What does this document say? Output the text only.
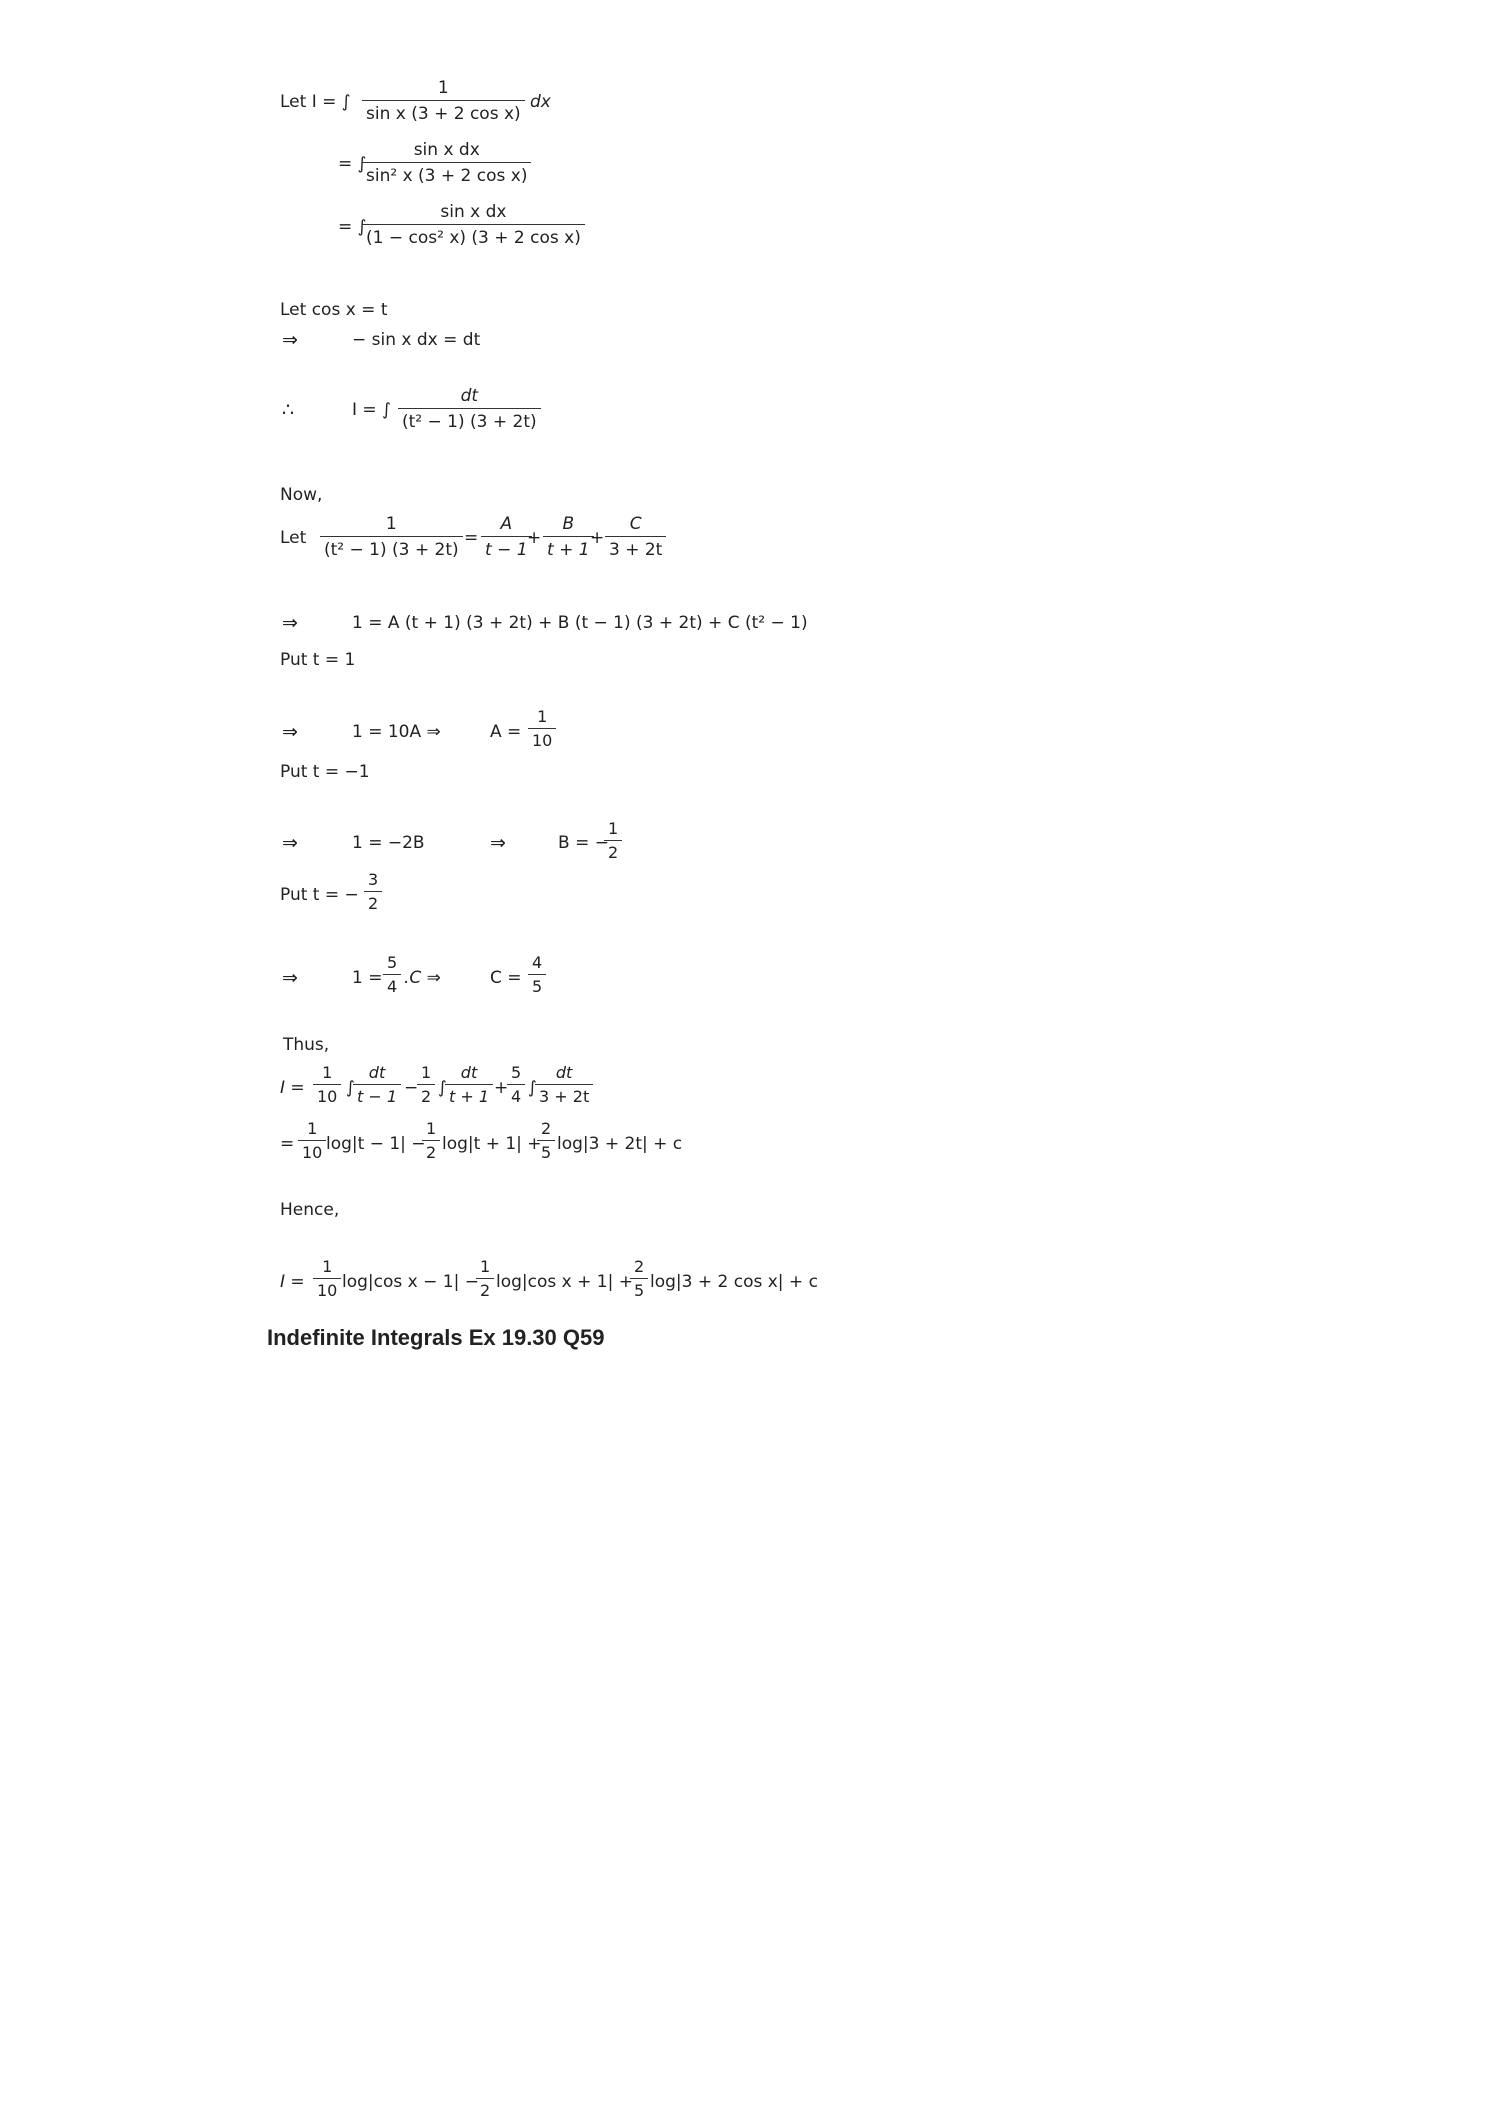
Let I = ∫ $\frac{1}{\text{sin x (3 + 2 cos x)}}$ dx
= ∫
$\frac{\text{sin x dx}}{\text{sin² x (3 + 2 cos x)}}$
= ∫
$\frac{\text{sin x dx}}{\text{(1 − cos² x) (3 + 2 cos x)}}$
Let cos x = t
⇒	− sin x dx = dt
∴	I = ∫ $\frac{dt}{\text{(t² − 1) (3 + 2t)}}$
Now,
Let $\frac{1}{\text{(t² − 1) (3 + 2t)}} = \frac{A}{t - 1}$
+ $\frac{B}{t + 1}$
+ $\frac{C}{3 + 2t}$
⇒	1 = A (t + 1) (3 + 2t) + B (t − 1) (3 + 2t) + C (t² − 1)
Put t = 1
⇒	1 = 10A ⇒	$A = \frac{1}{10}$
Put t = −1
⇒	1 = −2B	⇒	B = −
$\frac{1}{2}$
Put t = − $\frac{3}{2}$
⇒	$1 = \frac{5}{4} .C$ ⇒	$C = \frac{4}{5}$
Thus,
$I = \frac{1}{10}$ ∫
$\frac{dt}{t - 1}$ −
$\frac{1}{2}$ ∫
$\frac{dt}{t + 1}$ +
$\frac{5}{4}$ ∫
$\frac{dt}{3 + 2t}$
= $\frac{1}{10} \log|t - 1|$ −
$\frac{1}{2} \log|t + 1|$ +
$\frac{2}{5} \log|3 + 2t| + c$
Hence,
$I = \frac{1}{10} \log|\cos$ x − 1| −
$\frac{1}{2} \log|\cos$ x + 1| +
$\frac{2}{5} \log|3 + 2$ cos x| + c
Indefinite Integrals Ex 19.30 Q59
